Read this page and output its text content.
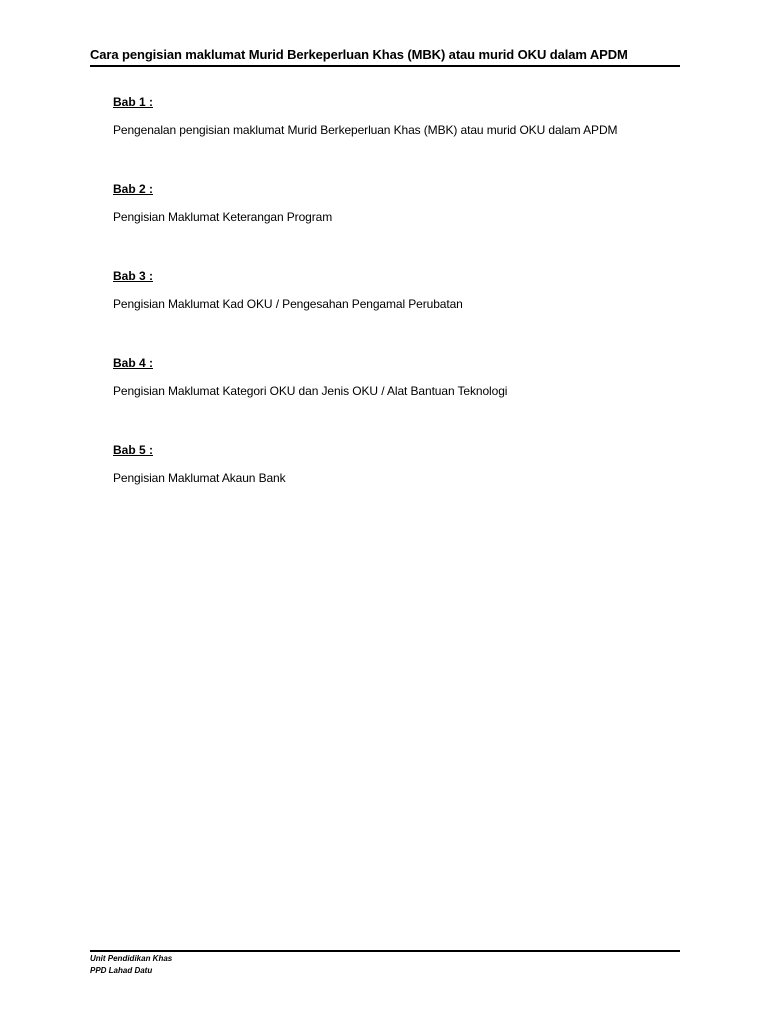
Cara pengisian maklumat Murid Berkeperluan Khas (MBK) atau murid OKU dalam APDM
Bab 1 :
Pengenalan pengisian maklumat Murid Berkeperluan Khas (MBK) atau murid OKU dalam APDM
Bab 2 :
Pengisian Maklumat Keterangan Program
Bab 3 :
Pengisian Maklumat Kad OKU / Pengesahan Pengamal Perubatan
Bab 4 :
Pengisian Maklumat Kategori OKU dan Jenis OKU / Alat Bantuan Teknologi
Bab 5 :
Pengisian Maklumat Akaun Bank
Unit Pendidikan Khas
PPD Lahad Datu
